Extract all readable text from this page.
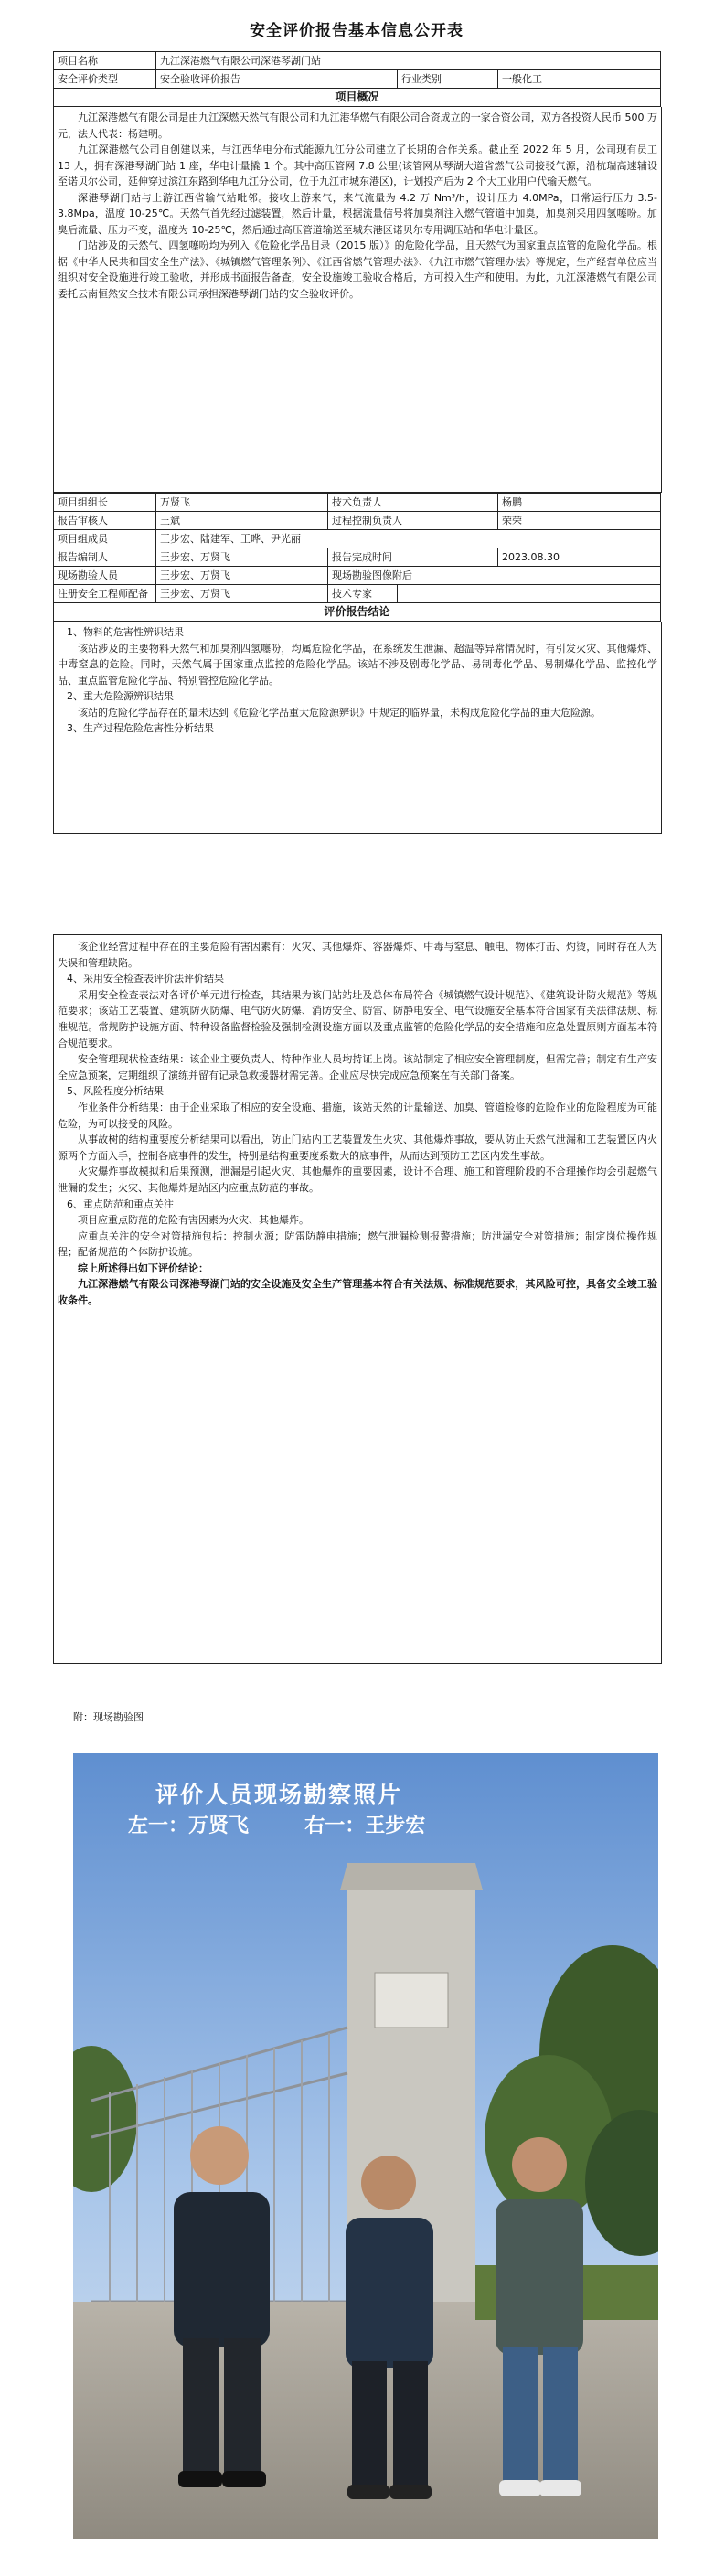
安全评价报告基本信息公开表
项目名称	九江深港燃气有限公司深港琴湖门站		
安全评价类型	安全验收评价报告	行业类别	一般化工
项目概况			

九江深港燃气有限公司是由九江深燃天然气有限公司和九江港华燃气有限公司合资成立的一家合资公司，双方各投资人民币 500 万元，法人代表：杨建明。

九江深港燃气公司自创建以来，与江西华电分布式能源九江分公司建立了长期的合作关系。截止至 2022 年 5 月，公司现有员工 13 人，拥有深港琴湖门站 1 座，华电计量撬 1 个。其中高压管网 7.8 公里(该管网从琴湖大道省燃气公司接驳气源，沿杭瑞高速辅设至诺贝尔公司，延伸穿过滨江东路到华电九江分公司，位于九江市城东港区)，计划投产后为 2 个大工业用户代输天燃气。

深港琴湖门站与上游江西省输气站毗邻。接收上游来气，来气流量为 4.2 万 Nm³/h，设计压力 4.0MPa，日常运行压力 3.5-3.8Mpa，温度 10-25℃。天然气首先经过滤装置，然后计量，根据流量信号将加臭剂注入燃气管道中加臭，加臭剂采用四氢噻吩。加臭后流量、压力不变，温度为 10-25℃，然后通过高压管道输送至城东港区诺贝尔专用调压站和华电计量区。

门站涉及的天然气、四氢噻吩均为列入《危险化学品目录（2015 版）》的危险化学品，且天然气为国家重点监管的危险化学品。根据《中华人民共和国安全生产法》、《城镇燃气管理条例》、《江西省燃气管理办法》、《九江市燃气管理办法》等规定，生产经营单位应当组织对安全设施进行竣工验收，并形成书面报告备查，安全设施竣工验收合格后，方可投入生产和使用。为此，九江深港燃气有限公司委托云南恒然安全技术有限公司承担深港琴湖门站的安全验收评价。

项目组组长	万贤飞	技术负责人		杨鹏
报告审核人	王斌	过程控制负责人		荣荣
项目组成员	王步宏、陆建军、王晔、尹光丽			
报告编制人	王步宏、万贤飞	报告完成时间		2023.08.30
现场勘验人员	王步宏、万贤飞	现场勘验图像附后		
注册安全工程师配备	王步宏、万贤飞	技术专家		
评价报告结论				

1、物料的危害性辨识结果

该站涉及的主要物料天然气和加臭剂四氢噻吩，均属危险化学品，在系统发生泄漏、超温等异常情况时，有引发火灾、其他爆炸、中毒窒息的危险。同时，天然气属于国家重点监控的危险化学品。该站不涉及剧毒化学品、易制毒化学品、易制爆化学品、监控化学品、重点监管危险化学品、特别管控危险化学品。

2、重大危险源辨识结果

该站的危险化学品存在的量未达到《危险化学品重大危险源辨识》中规定的临界量，未构成危险化学品的重大危险源。

3、生产过程危险危害性分析结果

该企业经营过程中存在的主要危险有害因素有：火灾、其他爆炸、容器爆炸、中毒与窒息、触电、物体打击、灼烫，同时存在人为失误和管理缺陷。

4、采用安全检查表评价法评价结果

采用安全检查表法对各评价单元进行检查，其结果为该门站站址及总体布局符合《城镇燃气设计规范》、《建筑设计防火规范》等规范要求；该站工艺装置、建筑防火防爆、电气防火防爆、消防安全、防雷、防静电安全、电气设施安全基本符合国家有关法律法规、标准规范。常规防护设施方面、特种设备监督检验及强制检测设施方面以及重点监管的危险化学品的安全措施和应急处置原则方面基本符合规范要求。

安全管理现状检查结果：该企业主要负责人、特种作业人员均持证上岗。该站制定了相应安全管理制度，但需完善；制定有生产安全应急预案，定期组织了演练并留有记录急救援器材需完善。企业应尽快完成应急预案在有关部门备案。

5、风险程度分析结果

作业条件分析结果：由于企业采取了相应的安全设施、措施，该站天然的计量输送、加臭、管道检修的危险作业的危险程度为可能危险，为可以接受的风险。

从事故树的结构重要度分析结果可以看出，防止门站内工艺装置发生火灾、其他爆炸事故，要从防止天然气泄漏和工艺装置区内火源两个方面入手，控制各底事件的发生，特别是结构重要度系数大的底事件，从而达到预防工艺区内发生事故。

火灾爆炸事故模拟和后果预测，泄漏是引起火灾、其他爆炸的重要因素，设计不合理、施工和管理阶段的不合理操作均会引起燃气泄漏的发生；火灾、其他爆炸是站区内应重点防范的事故。

6、重点防范和重点关注

项目应重点防范的危险有害因素为火灾、其他爆炸。

应重点关注的安全对策措施包括：控制火源；防雷防静电措施；燃气泄漏检测报警措施；防泄漏安全对策措施；制定岗位操作规程；配备规范的个体防护设施。

综上所述得出如下评价结论：

九江深港燃气有限公司深港琴湖门站的安全设施及安全生产管理基本符合有关法规、标准规范要求，其风险可控，具备安全竣工验收条件。

附：现场勘验图
评价人员现场勘察照片
左一：万贤飞        右一：王步宏
